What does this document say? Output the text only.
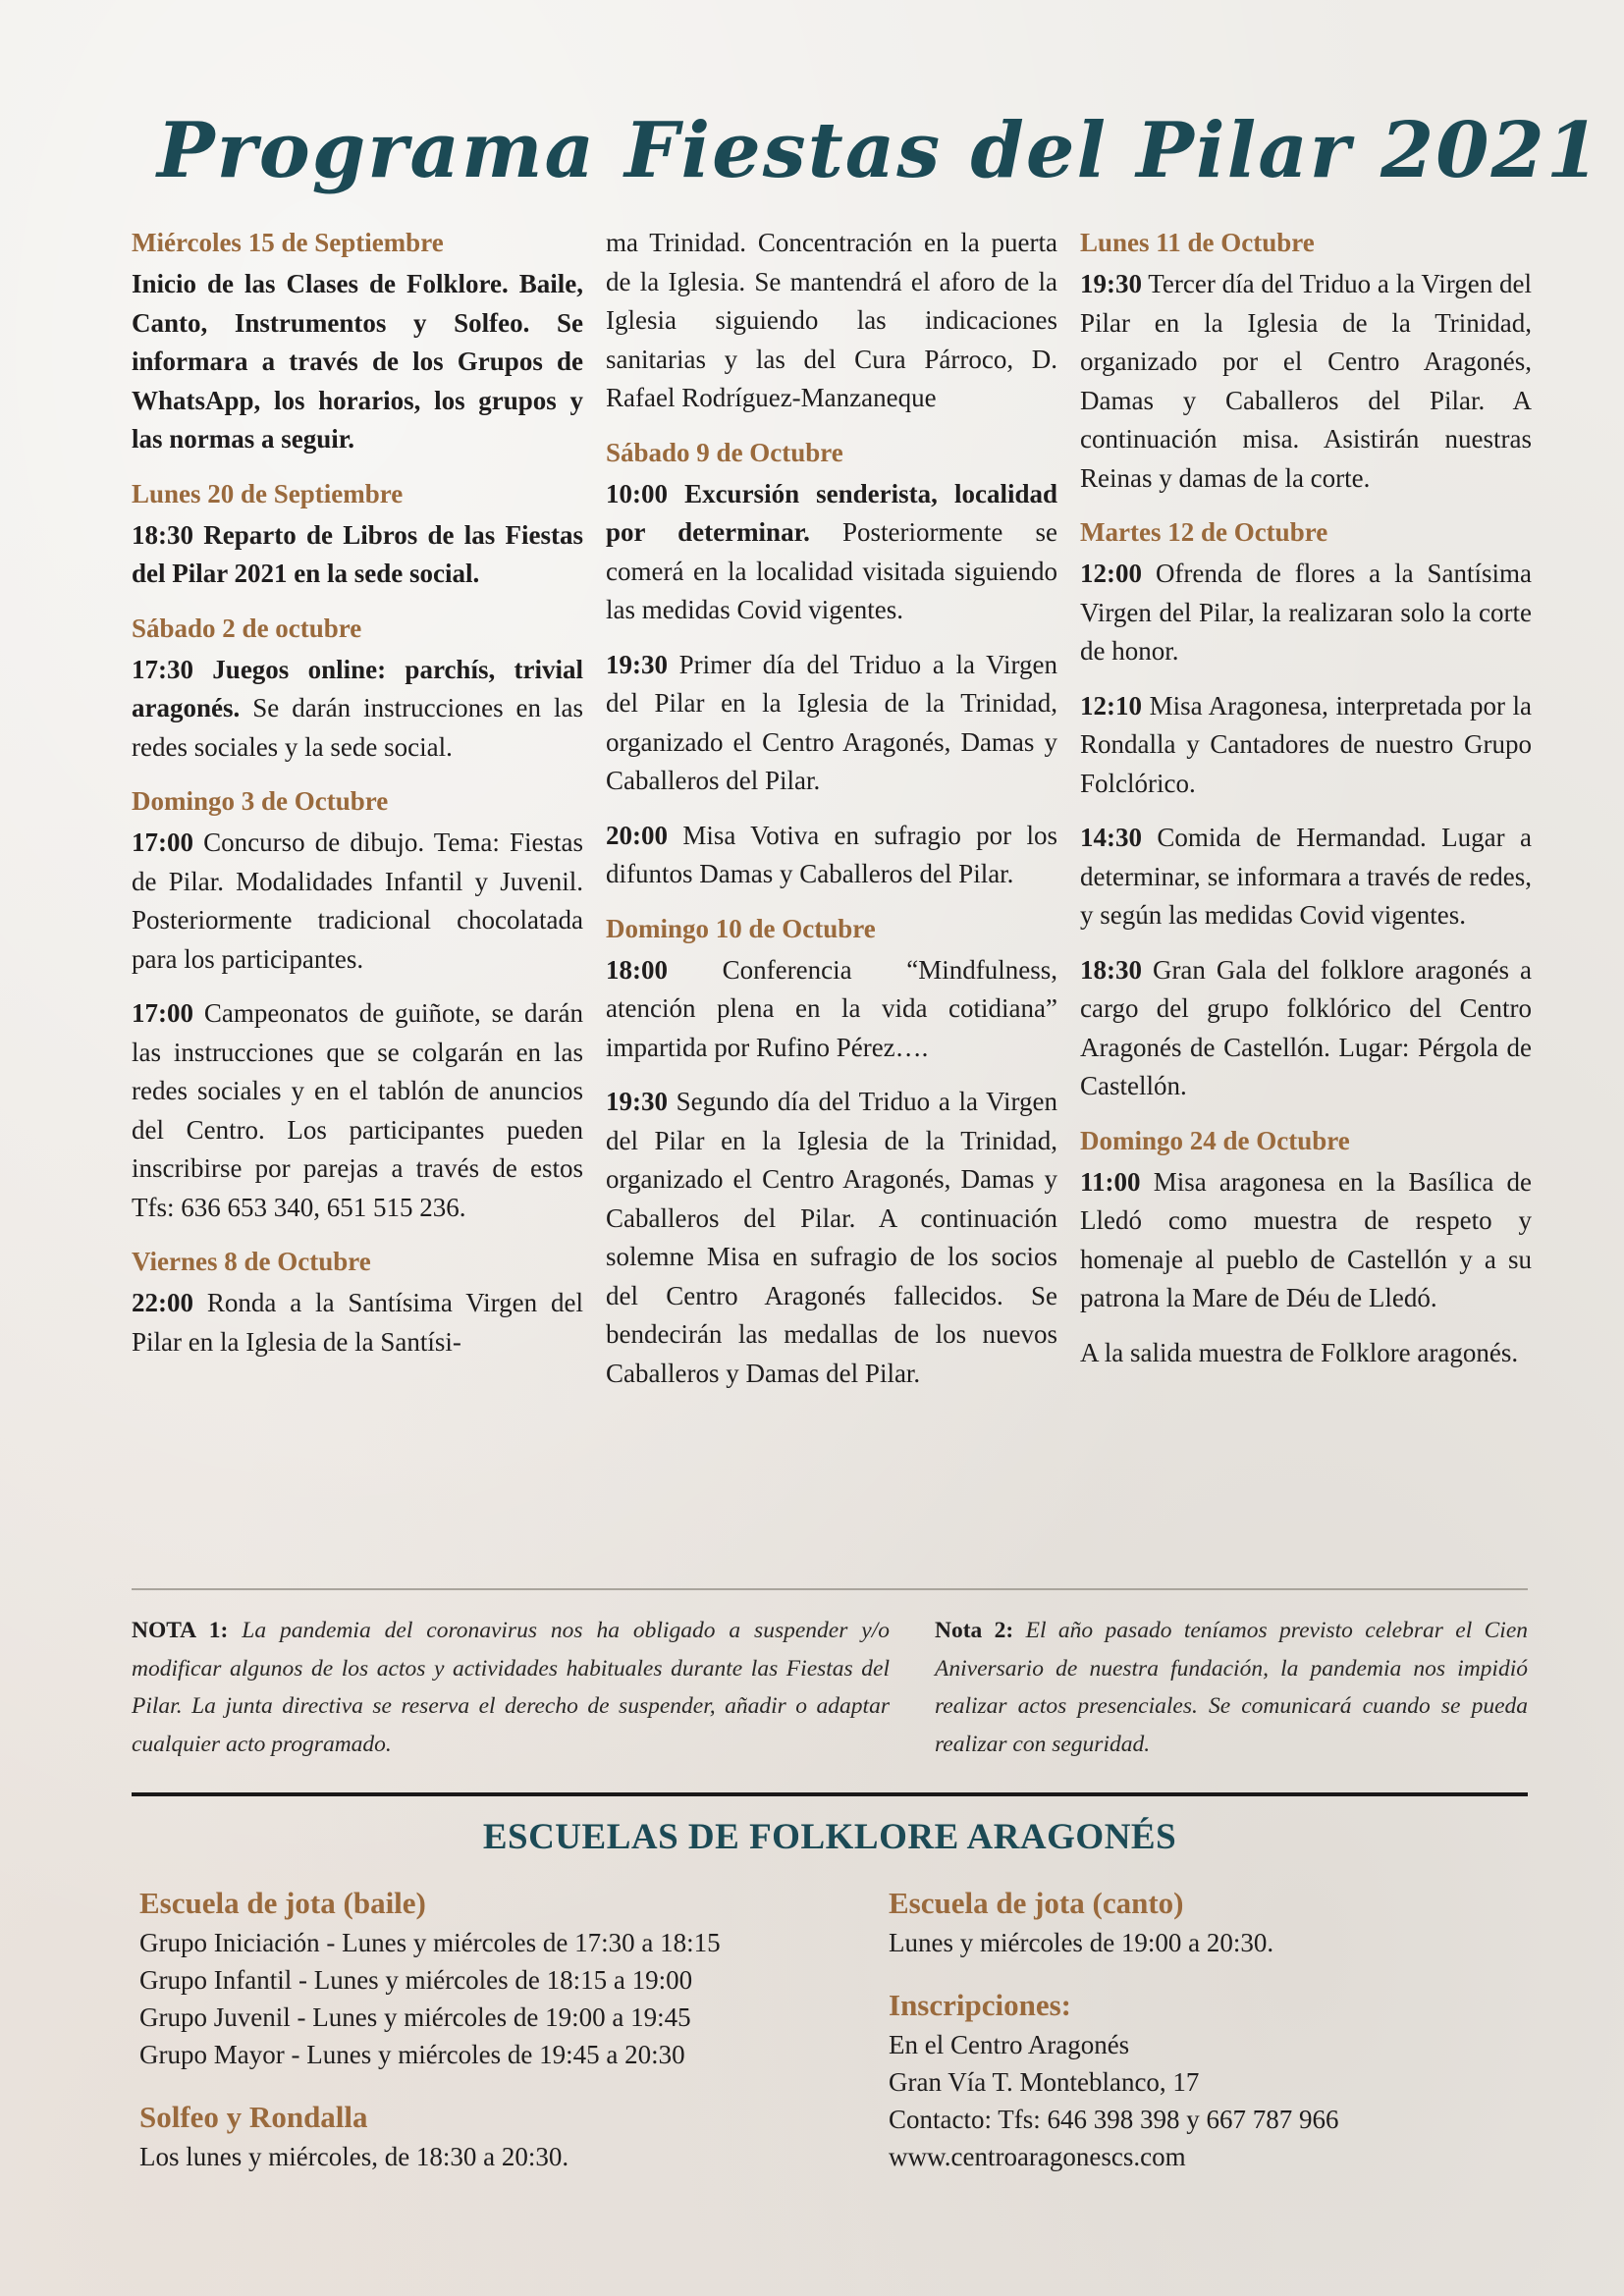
Programa Fiestas del Pilar 2021
Miércoles 15 de Septiembre
Inicio de las Clases de Folklore. Baile, Canto, Instrumentos y Solfeo. Se informara a través de los Grupos de WhatsApp, los horarios, los grupos y las normas a seguir.
Lunes 20 de Septiembre
18:30 Reparto de Libros de las Fiestas del Pilar 2021 en la sede social.
Sábado 2 de octubre
17:30 Juegos online: parchís, trivial aragonés. Se darán instrucciones en las redes sociales y la sede social.
Domingo 3 de Octubre
17:00 Concurso de dibujo. Tema: Fiestas de Pilar. Modalidades Infantil y Juvenil. Posteriormente tradicional chocolatada para los participantes.
17:00 Campeonatos de guiñote, se darán las instrucciones que se colgarán en las redes sociales y en el tablón de anuncios del Centro. Los participantes pueden inscribirse por parejas a través de estos Tfs: 636 653 340, 651 515 236.
Viernes 8 de Octubre
22:00 Ronda a la Santísima Virgen del Pilar en la Iglesia de la Santísi-
ma Trinidad. Concentración en la puerta de la Iglesia. Se mantendrá el aforo de la Iglesia siguiendo las indicaciones sanitarias y las del Cura Párroco, D. Rafael Rodríguez-Manzaneque
Sábado 9 de Octubre
10:00 Excursión senderista, localidad por determinar. Posteriormente se comerá en la localidad visitada siguiendo las medidas Covid vigentes.
19:30 Primer día del Triduo a la Virgen del Pilar en la Iglesia de la Trinidad, organizado el Centro Aragonés, Damas y Caballeros del Pilar.
20:00 Misa Votiva en sufragio por los difuntos Damas y Caballeros del Pilar.
Domingo 10 de Octubre
18:00 Conferencia “Mindfulness, atención plena en la vida cotidiana” impartida por Rufino Pérez….
19:30 Segundo día del Triduo a la Virgen del Pilar en la Iglesia de la Trinidad, organizado el Centro Aragonés, Damas y Caballeros del Pilar. A continuación solemne Misa en sufragio de los socios del Centro Aragonés fallecidos. Se bendecirán las medallas de los nuevos Caballeros y Damas del Pilar.
Lunes 11 de Octubre
19:30 Tercer día del Triduo a la Virgen del Pilar en la Iglesia de la Trinidad, organizado por el Centro Aragonés, Damas y Caballeros del Pilar. A continuación misa. Asistirán nuestras Reinas y damas de la corte.
Martes 12 de Octubre
12:00 Ofrenda de flores a la Santísima Virgen del Pilar, la realizaran solo la corte de honor.
12:10 Misa Aragonesa, interpretada por la Rondalla y Cantadores de nuestro Grupo Folclórico.
14:30 Comida de Hermandad. Lugar a determinar, se informara a través de redes, y según las medidas Covid vigentes.
18:30 Gran Gala del folklore aragonés a cargo del grupo folklórico del Centro Aragonés de Castellón. Lugar: Pérgola de Castellón.
Domingo 24 de Octubre
11:00 Misa aragonesa en la Basílica de Lledó como muestra de respeto y homenaje al pueblo de Castellón y a su patrona la Mare de Déu de Lledó.
A la salida muestra de Folklore aragonés.
NOTA 1: La pandemia del coronavirus nos ha obligado a suspender y/o modificar algunos de los actos y actividades habituales durante las Fiestas del Pilar. La junta directiva se reserva el derecho de suspender, añadir o adaptar cualquier acto programado.
Nota 2: El año pasado teníamos previsto celebrar el Cien Aniversario de nuestra fundación, la pandemia nos impidió realizar actos presenciales. Se comunicará cuando se pueda realizar con seguridad.
ESCUELAS DE FOLKLORE ARAGONÉS
Escuela de jota (baile)
Grupo Iniciación - Lunes y miércoles de 17:30 a 18:15
Grupo Infantil - Lunes y miércoles de 18:15 a 19:00
Grupo Juvenil - Lunes y miércoles de 19:00 a 19:45
Grupo Mayor - Lunes y miércoles de 19:45 a 20:30
Solfeo y Rondalla
Los lunes y miércoles, de 18:30 a 20:30.
Escuela de jota (canto)
Lunes y miércoles de 19:00 a 20:30.
Inscripciones:
En el Centro Aragonés
Gran Vía T. Monteblanco, 17
Contacto: Tfs: 646 398 398 y 667 787 966
www.centroaragonescs.com
